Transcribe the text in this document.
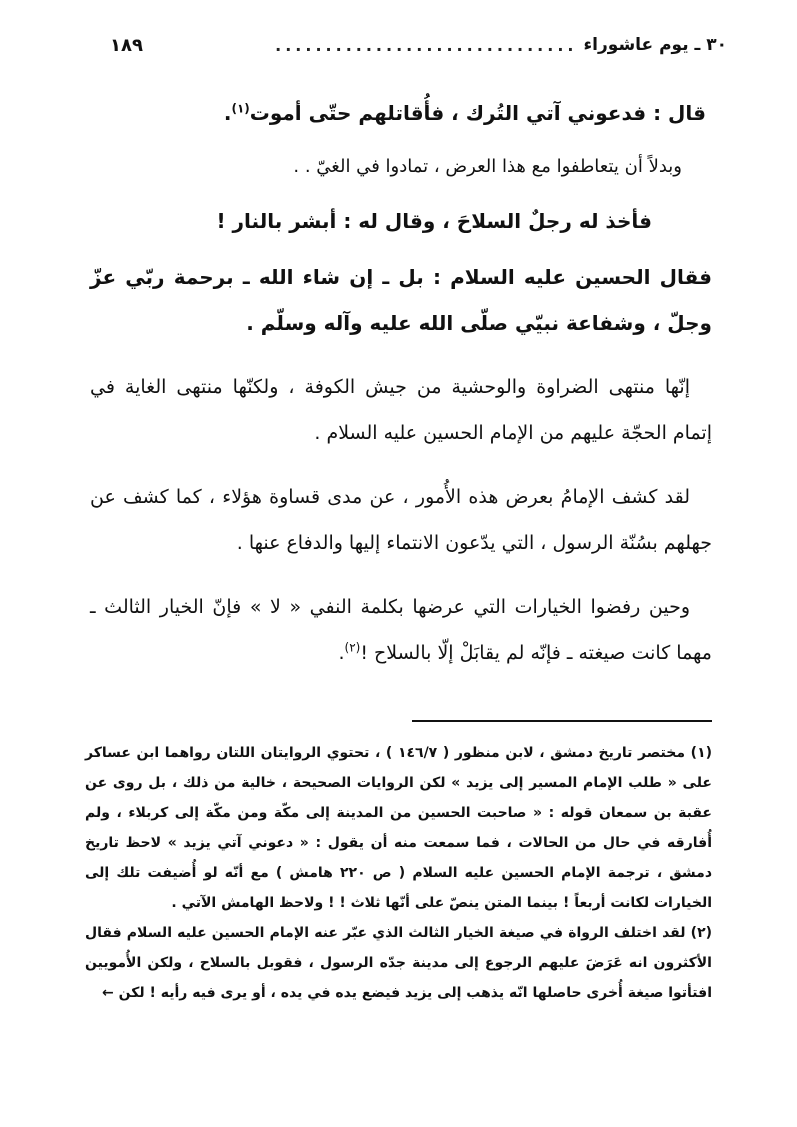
٣٠ ـ يوم عاشوراء
..............................
١٨٩

قال : فدعوني آتي التُرك ، فأُقاتلهم حتّى أموت$^{(١)}$.

وبدلاً أن يتعاطفوا مع هذا العرض ، تمادوا في الغيّ . .

فأخذ له رجلٌ السلاحَ ، وقال له : أبشر بالنار !

فقال الحسين عليه السلام : بل ـ إن شاء الله ـ برحمة ربّي عزّ وجلّ ، وشفاعة نبيّي صلّى الله عليه وآله وسلّم .

إنّها منتهى الضراوة والوحشية من جيش الكوفة ، ولكنّها منتهى الغاية في إتمام الحجّة عليهم من الإمام الحسين عليه السلام .

لقد كشف الإمامُ بعرض هذه الأُمور ، عن مدى قساوة هؤلاء ، كما كشف عن جهلهم بسُنّة الرسول ، التي يدّعون الانتماء إليها والدفاع عنها .

وحين رفضوا الخيارات التي عرضها بكلمة النفي « لا » فإنّ الخيار الثالث ـ مهما كانت صيغته ـ فإنّه لم يقابَلْ إلّا بالسلاح !$^{(٢)}$.

(١) مختصر تاريخ دمشق ، لابن منظور ( ١٤٦/٧ ) ، تحتوي الروايتان اللتان رواهما ابن عساكر على « طلب الإمام المسير إلى يزيد » لكن الروايات الصحيحة ، خالية من ذلك ، بل روى عن عقبة بن سمعان قوله : « صاحبت الحسين من المدينة إلى مكّة ومن مكّة إلى كربلاء ، ولم أُفارقه في حال من الحالات ، فما سمعت منه أن يقول : « دعوني آتي يزيد » لاحظ تاريخ دمشق ، ترجمة الإمام الحسين عليه السلام ( ص ٢٢٠ هامش ) مع أنّه لو أُضيفت تلك إلى الخيارات لكانت أربعاً ! بينما المتن ينصّ على أنّها ثلاث ! ! ولاحظ الهامش الآتي .

(٢) لقد اختلف الرواة في صيغة الخيار الثالث الذي عبّر عنه الإمام الحسين عليه السلام فقال الأكثرون انه عَرَضَ عليهم الرجوع إلى مدينة جدّه الرسول ، فقوبل بالسلاح ، ولكن الأُمويين افتأتوا صيغة أُخرى حاصلها انّه يذهب إلى يزيد فيضع يده في يده ، أو يرى فيه رأيه ! لكن ←
